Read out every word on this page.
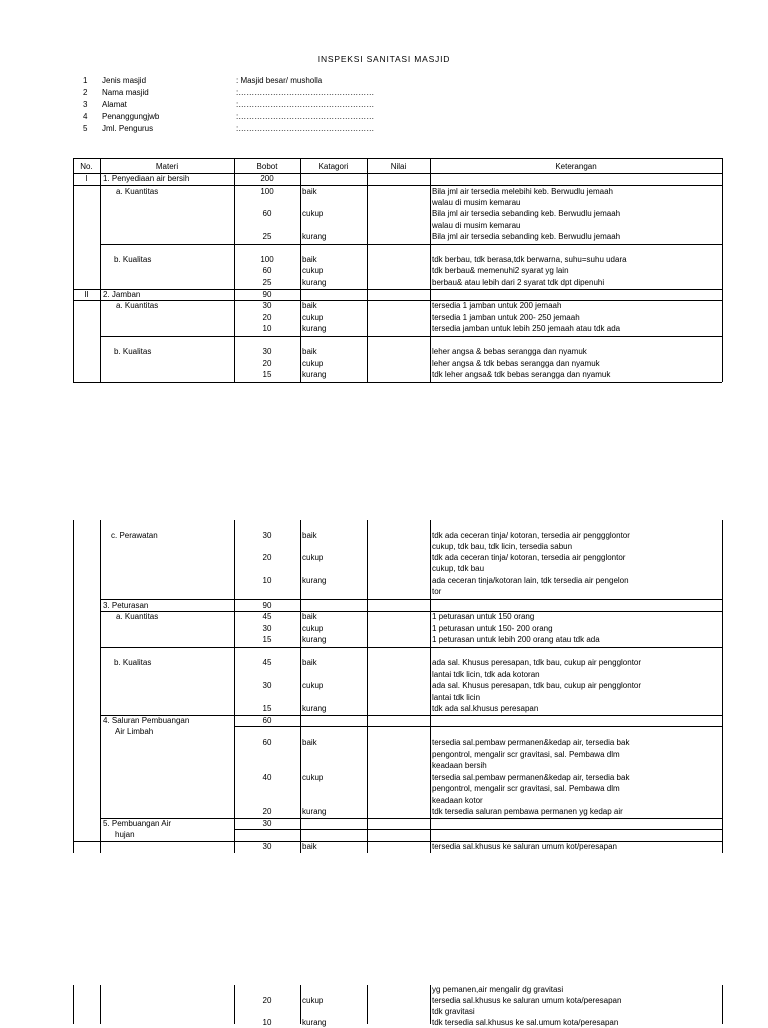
INSPEKSI SANITASI MASJID
1 Jenis masjid	: Masjid besar/ musholla
2 Nama masjid	:……………………………………………
3 Alamat	:……………………………………………
4 Penanggungjwb	:……………………………………………
5 Jml. Pengurus	:……………………………………………
No.	Materi	Bobot	Katagori	Nilai	Keterangan
I	1. Penyediaan air bersih	200
a. Kuantitas	100	baik	Bila jml air tersedia melebihi keb. Berwudlu jemaah
walau di musim kemarau
60	cukup	Bila jml air tersedia sebanding keb. Berwudlu jemaah
walau di musim kemarau
25	kurang	Bila jml air tersedia sebanding keb. Berwudlu jemaah
b. Kualitas	100	baik	tdk berbau, tdk berasa,tdk berwarna, suhu=suhu udara
60	cukup	tdk berbau& memenuhi2 syarat yg lain
25	kurang	berbau& atau lebih dari 2 syarat tdk dpt dipenuhi
II	2. Jamban	90
a. Kuantitas	30	baik	tersedia 1 jamban untuk 200 jemaah
20	cukup	tersedia 1 jamban untuk 200- 250 jemaah
10	kurang	tersedia jamban untuk lebih 250 jemaah atau tdk ada
b. Kualitas	30	baik	leher angsa & bebas serangga dan nyamuk
20	cukup	leher angsa & tdk bebas serangga dan nyamuk
15	kurang	tdk leher angsa& tdk bebas serangga dan nyamuk
c. Perawatan	30	baik	tdk ada ceceran tinja/ kotoran, tersedia air penggglontor
cukup, tdk bau, tdk licin, tersedia sabun
20	cukup	tdk ada ceceran tinja/ kotoran, tersedia air pengglontor
cukup, tdk bau
10	kurang	ada ceceran tinja/kotoran lain, tdk tersedia air pengelon
tor
3. Peturasan	90
a. Kuantitas	45	baik	1 peturasan untuk 150 orang
30	cukup	1 peturasan untuk 150- 200 orang
15	kurang	1 peturasan untuk lebih 200 orang atau tdk ada
b. Kualitas	45	baik	ada sal. Khusus peresapan, tdk bau, cukup air pengglontor
lantai tdk licin, tdk ada kotoran
30	cukup	ada sal. Khusus peresapan, tdk bau, cukup air pengglontor
lantai tdk licin
15	kurang	tdk ada sal.khusus peresapan
4. Saluran Pembuangan	60
Air Limbah
60	baik	tersedia sal.pembaw permanen&kedap air, tersedia bak
pengontrol, mengalir scr gravitasi, sal. Pembawa dlm
keadaan bersih
40	cukup	tersedia sal.pembaw permanen&kedap air, tersedia bak
pengontrol, mengalir scr gravitasi, sal. Pembawa dlm
keadaan kotor
20	kurang	tdk tersedia saluran pembawa permanen yg kedap air
5. Pembuangan Air	30
hujan
30	baik	tersedia sal.khusus ke saluran umum kot/peresapan
yg pemanen,air mengalir dg gravitasi
20	cukup	tersedia sal.khusus ke saluran umum kota/peresapan
tdk gravitasi
10	kurang	tdk tersedia sal.khusus ke sal.umum kota/peresapan
